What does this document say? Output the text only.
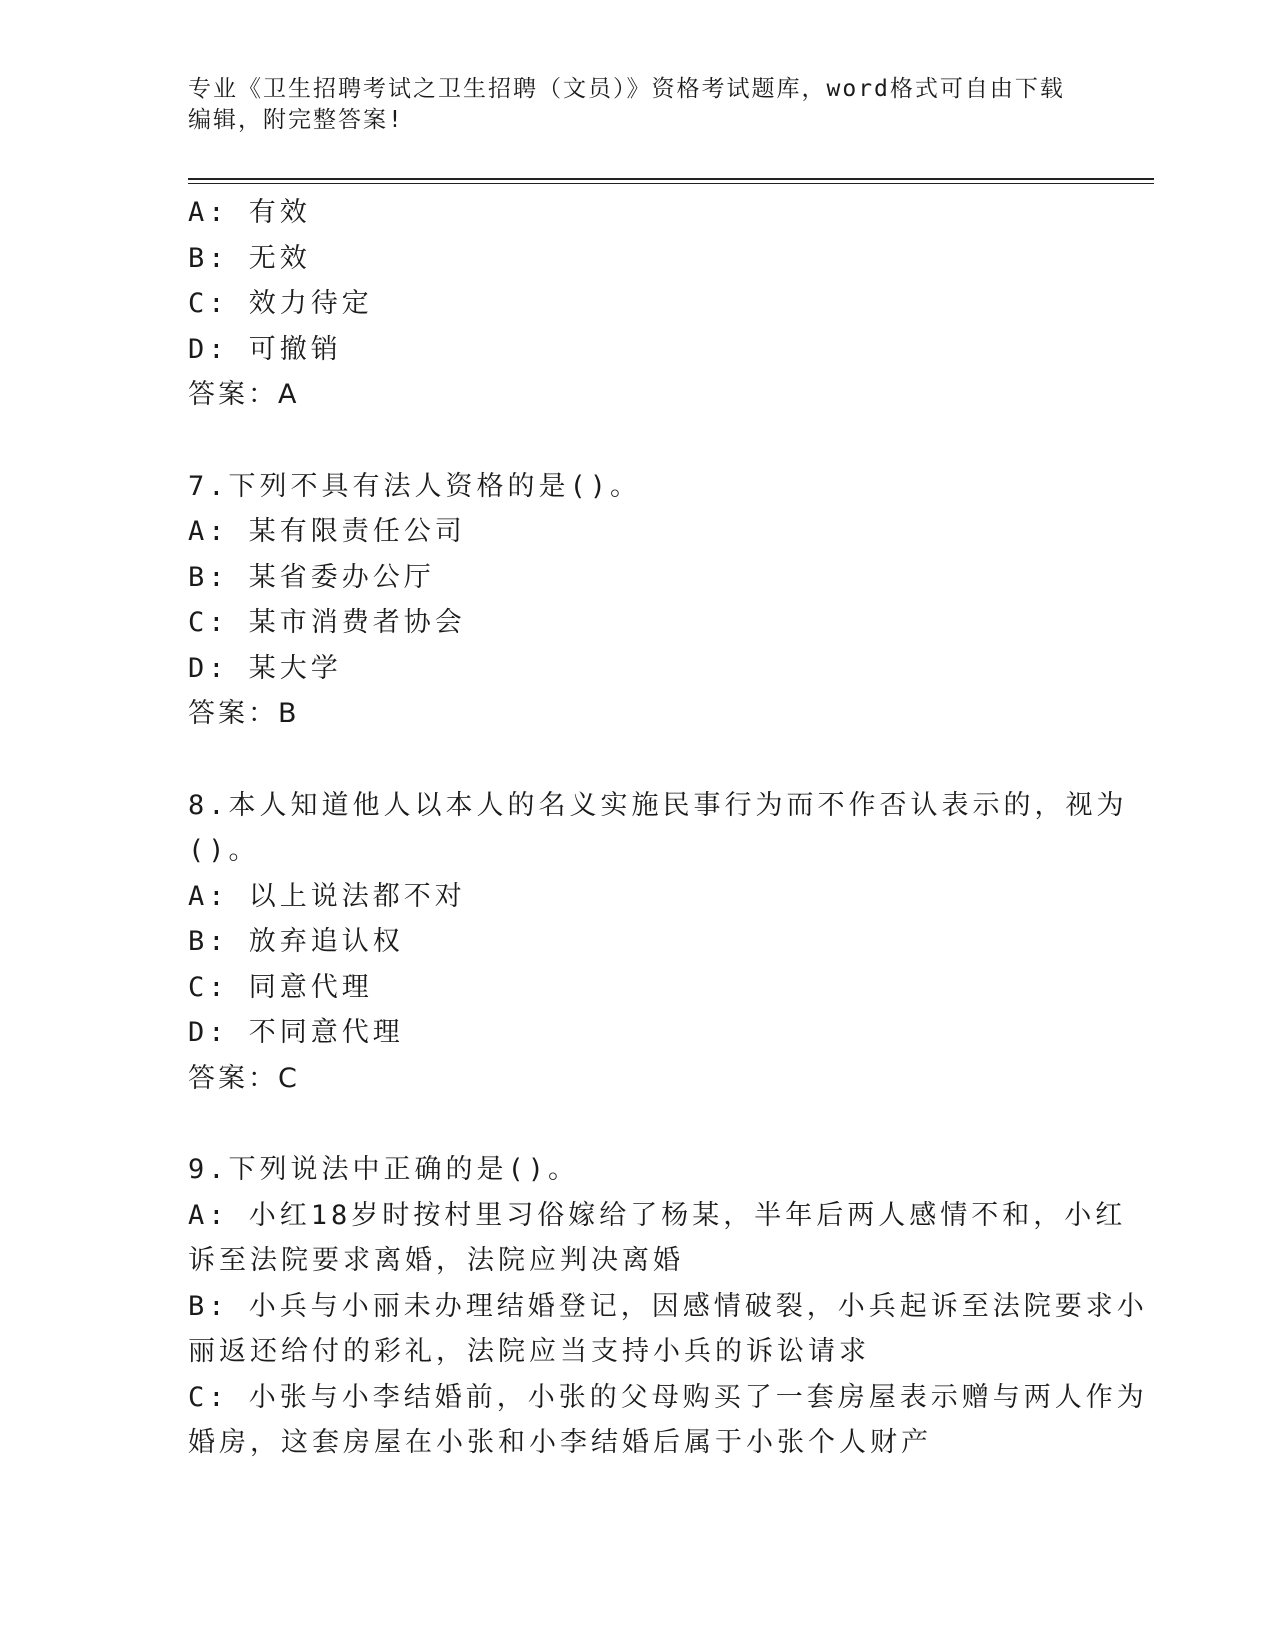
专业《卫生招聘考试之卫生招聘（文员）》资格考试题库，word格式可自由下载
编辑，附完整答案!
A: 有效
B: 无效
C: 效力待定
D: 可撤销
答案：A
7.下列不具有法人资格的是()。
A: 某有限责任公司
B: 某省委办公厅
C: 某市消费者协会
D: 某大学
答案：B
8.本人知道他人以本人的名义实施民事行为而不作否认表示的，视为
()。
A: 以上说法都不对
B: 放弃追认权
C: 同意代理
D: 不同意代理
答案：C
9.下列说法中正确的是()。
A: 小红18岁时按村里习俗嫁给了杨某，半年后两人感情不和，小红
诉至法院要求离婚，法院应判决离婚
B: 小兵与小丽未办理结婚登记，因感情破裂，小兵起诉至法院要求小
丽返还给付的彩礼，法院应当支持小兵的诉讼请求
C: 小张与小李结婚前，小张的父母购买了一套房屋表示赠与两人作为
婚房，这套房屋在小张和小李结婚后属于小张个人财产
